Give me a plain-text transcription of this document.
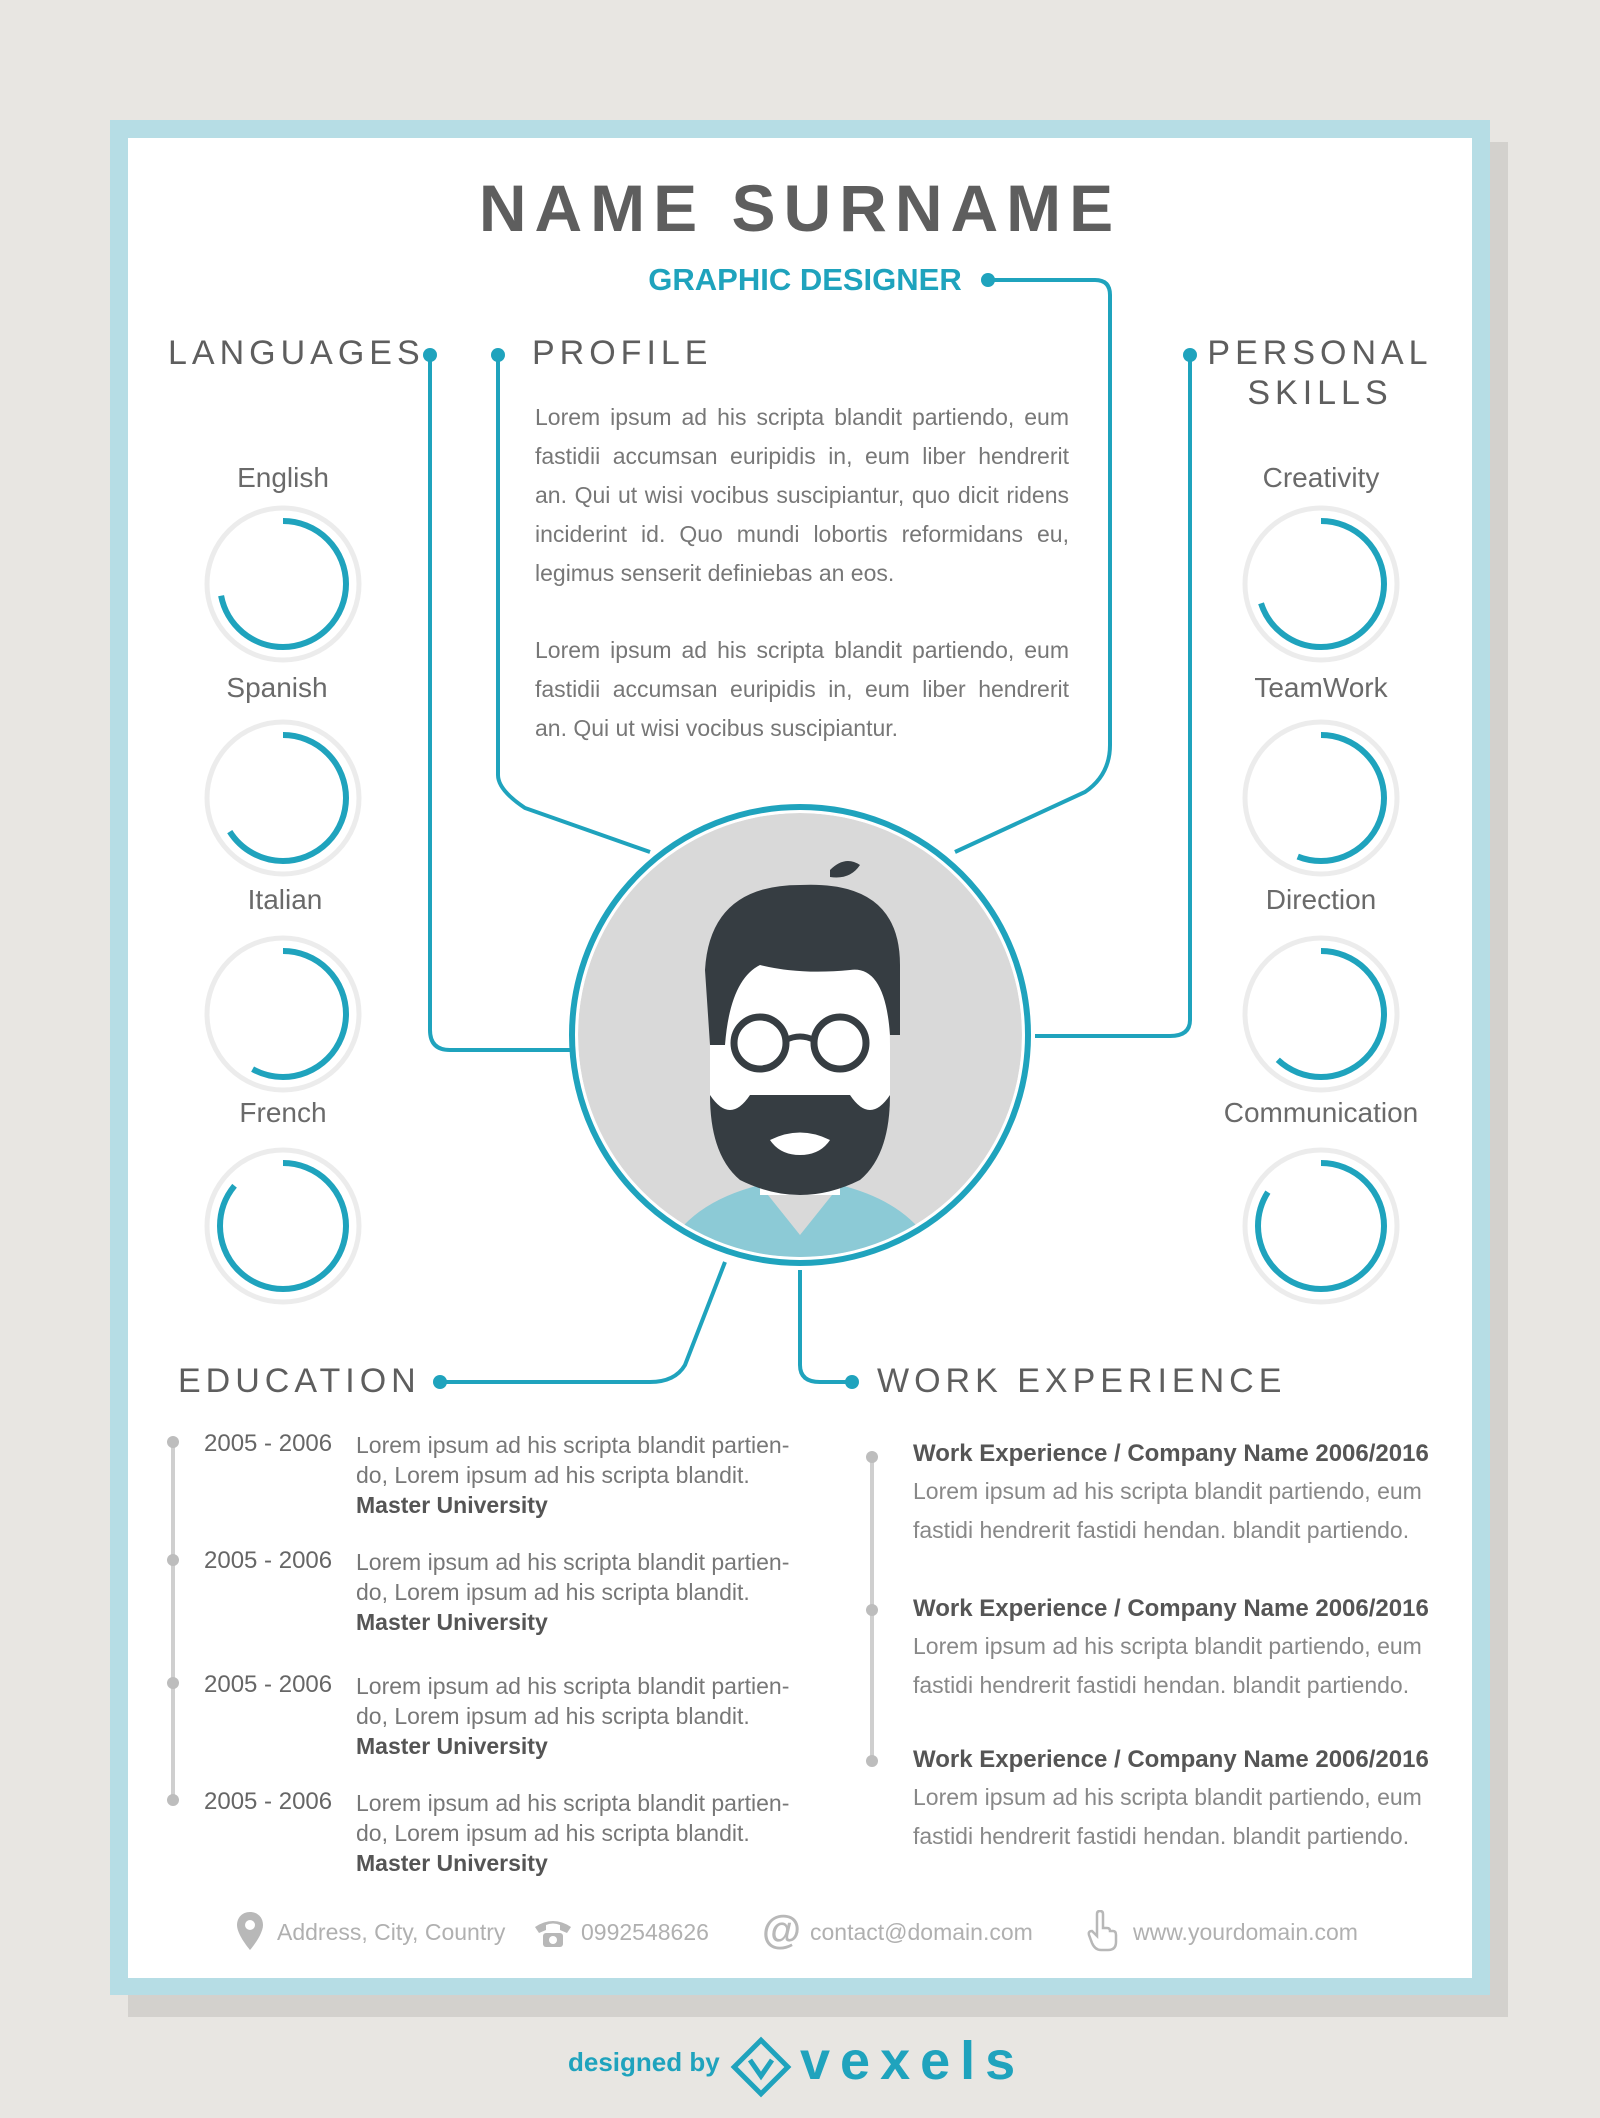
NAME SURNAME
GRAPHIC DESIGNER
LANGUAGES	PROFILE	PERSONAL
SKILLS
Lorem ipsum ad his scripta blandit partiendo, eum fastidii accumsan euripidis in, eum liber hendrerit an. Qui ut wisi vocibus suscipiantur, quo dicit ridens inciderint id. Quo mundi lobortis reformidans eu, legimus senserit definiebas an eos.
Lorem ipsum ad his scripta blandit partiendo, eum fastidii accumsan euripidis in, eum liber hendrerit an. Qui ut wisi vocibus suscipiantur.
English
Spanish
Italian
French
Creativity
TeamWork
Direction
Communication
EDUCATION	WORK EXPERIENCE
2005 - 2006 Lorem ipsum ad his scripta blandit partien-
do, Lorem ipsum ad his scripta blandit.
Master University
2005 - 2006 Lorem ipsum ad his scripta blandit partien-
do, Lorem ipsum ad his scripta blandit.
Master University
2005 - 2006 Lorem ipsum ad his scripta blandit partien-
do, Lorem ipsum ad his scripta blandit.
Master University
2005 - 2006 Lorem ipsum ad his scripta blandit partien-
do, Lorem ipsum ad his scripta blandit.
Master University
Work Experience / Company Name 2006/2016
Lorem ipsum ad his scripta blandit partiendo, eum
fastidi hendrerit fastidi hendan. blandit partiendo.
Work Experience / Company Name 2006/2016
Lorem ipsum ad his scripta blandit partiendo, eum
fastidi hendrerit fastidi hendan. blandit partiendo.
Work Experience / Company Name 2006/2016
Lorem ipsum ad his scripta blandit partiendo, eum
fastidi hendrerit fastidi hendan. blandit partiendo.
Address, City, Country	0992548626 @ contact@domain.com	www.yourdomain.com
designed by vexels
